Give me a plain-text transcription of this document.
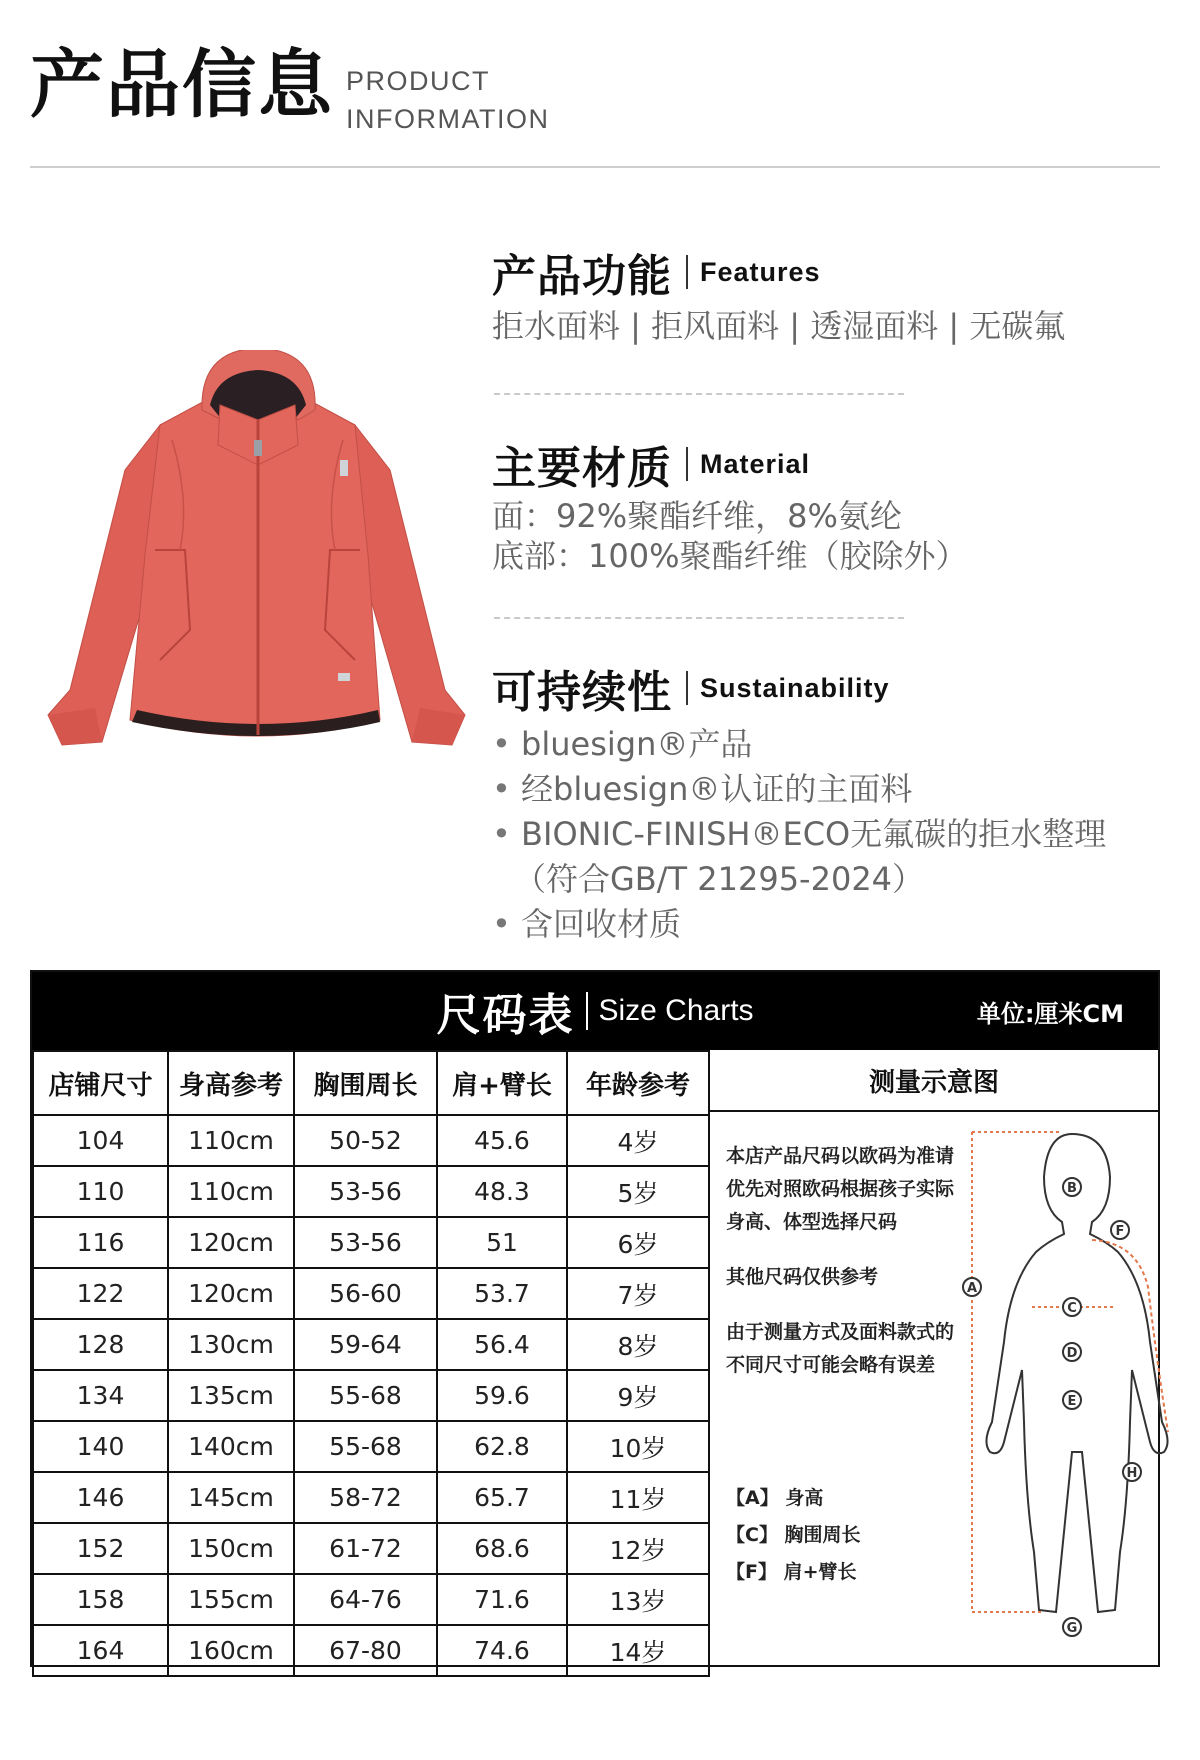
产品信息 PRODUCT
INFORMATION
产品功能 Features
拒水面料 | 拒风面料 | 透湿面料 | 无碳氟
主要材质 Material
面：92%聚酯纤维，8%氨纶
底部：100%聚酯纤维（胶除外）
可持续性 Sustainability
• bluesign®产品
• 经bluesign®认证的主面料
• BIONIC-FINISH®ECO无氟碳的拒水整理
（符合GB/T 21295-2024）
• 含回收材质
尺码表 Size Charts	单位:厘米CM
店铺尺寸	身高参考	胸围周长	肩+臂长	年龄参考
104	110cm	50-52	45.6	4岁
110	110cm	53-56	48.3	5岁
116	120cm	53-56	51	6岁
122	120cm	56-60	53.7	7岁
128	130cm	59-64	56.4	8岁
134	135cm	55-68	59.6	9岁
140	140cm	55-68	62.8	10岁
146	145cm	58-72	65.7	11岁
152	150cm	61-72	68.6	12岁
158	155cm	64-76	71.6	13岁
164	160cm	67-80	74.6	14岁
测量示意图

本店产品尺码以欧码为准请优先对照欧码根据孩子实际身高、体型选择尺码

其他尺码仅供参考

由于测量方式及面料款式的不同尺寸可能会略有误差

【A】 身高
【C】 胸围周长
【F】 肩+臂长
A
B
C
D
E
F
G
H
